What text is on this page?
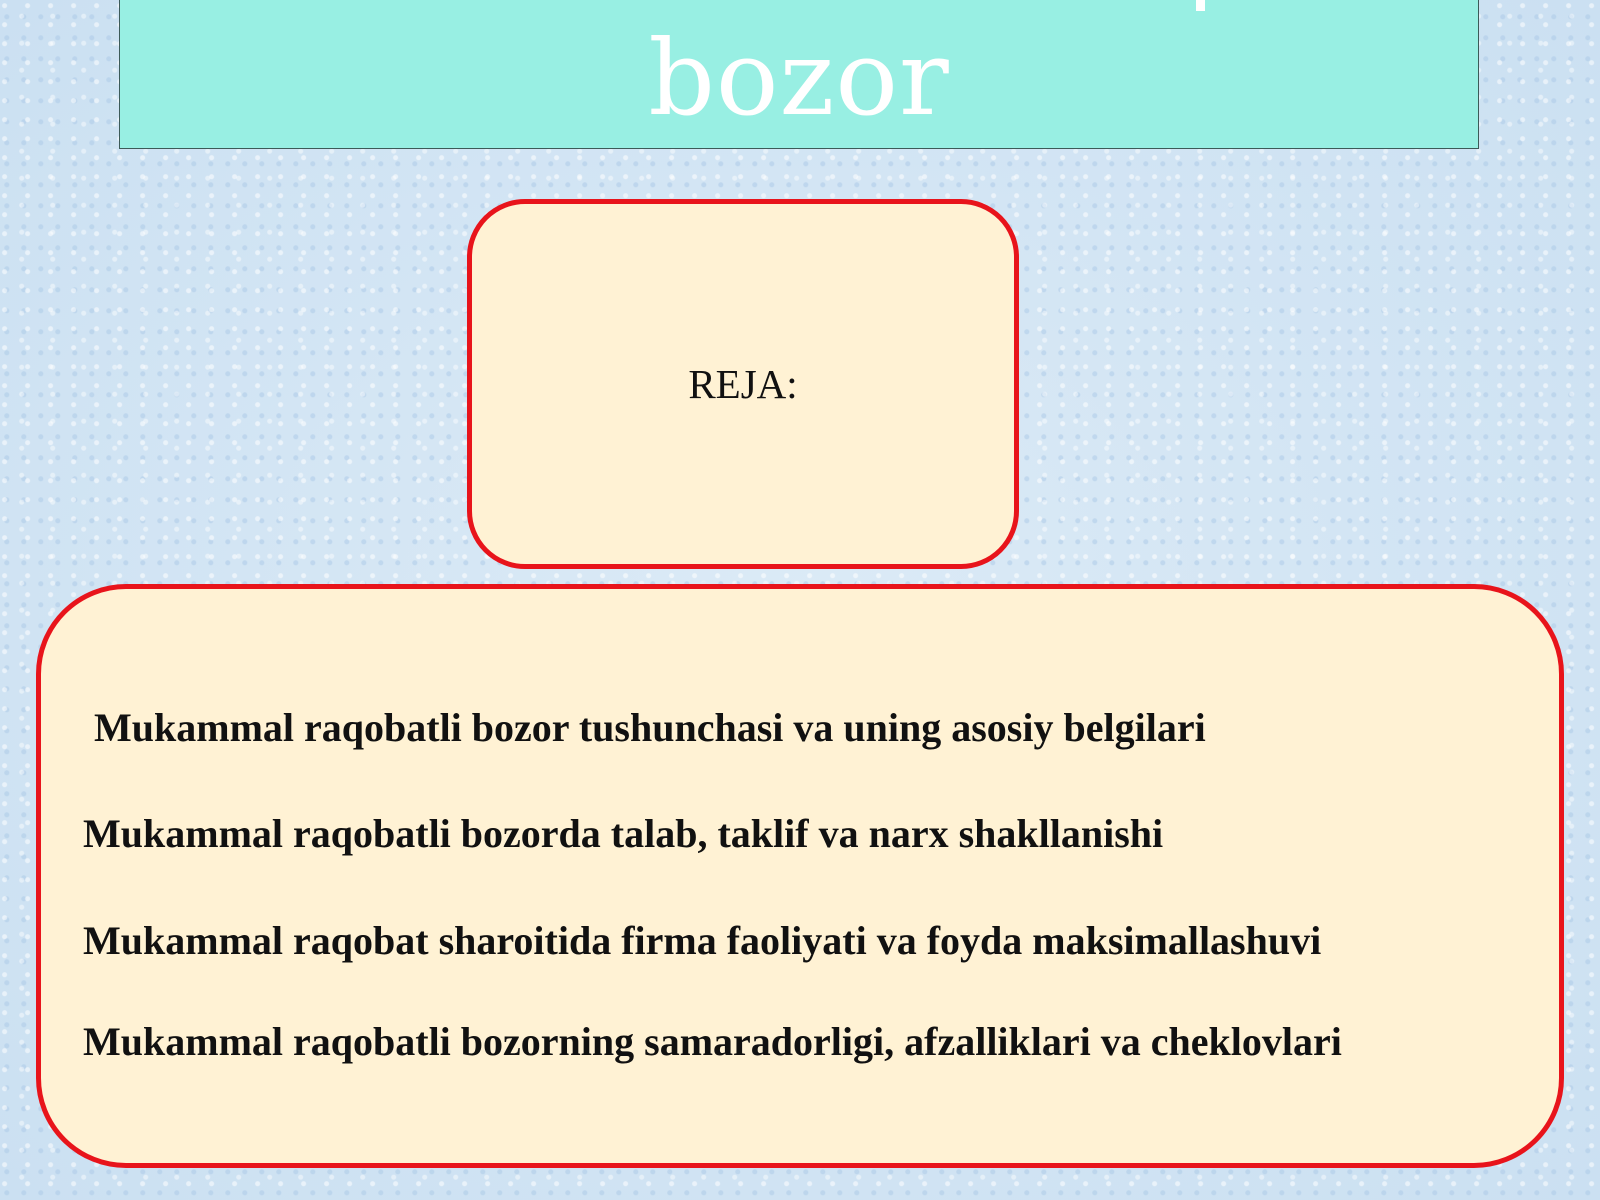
bozor
REJA:
Mukammal raqobatli bozor tushunchasi va uning asosiy belgilari
Mukammal raqobatli bozorda talab, taklif va narx shakllanishi
Mukammal raqobat sharoitida firma faoliyati va foyda maksimallashuvi
Mukammal raqobatli bozorning samaradorligi, afzalliklari va cheklovlari
